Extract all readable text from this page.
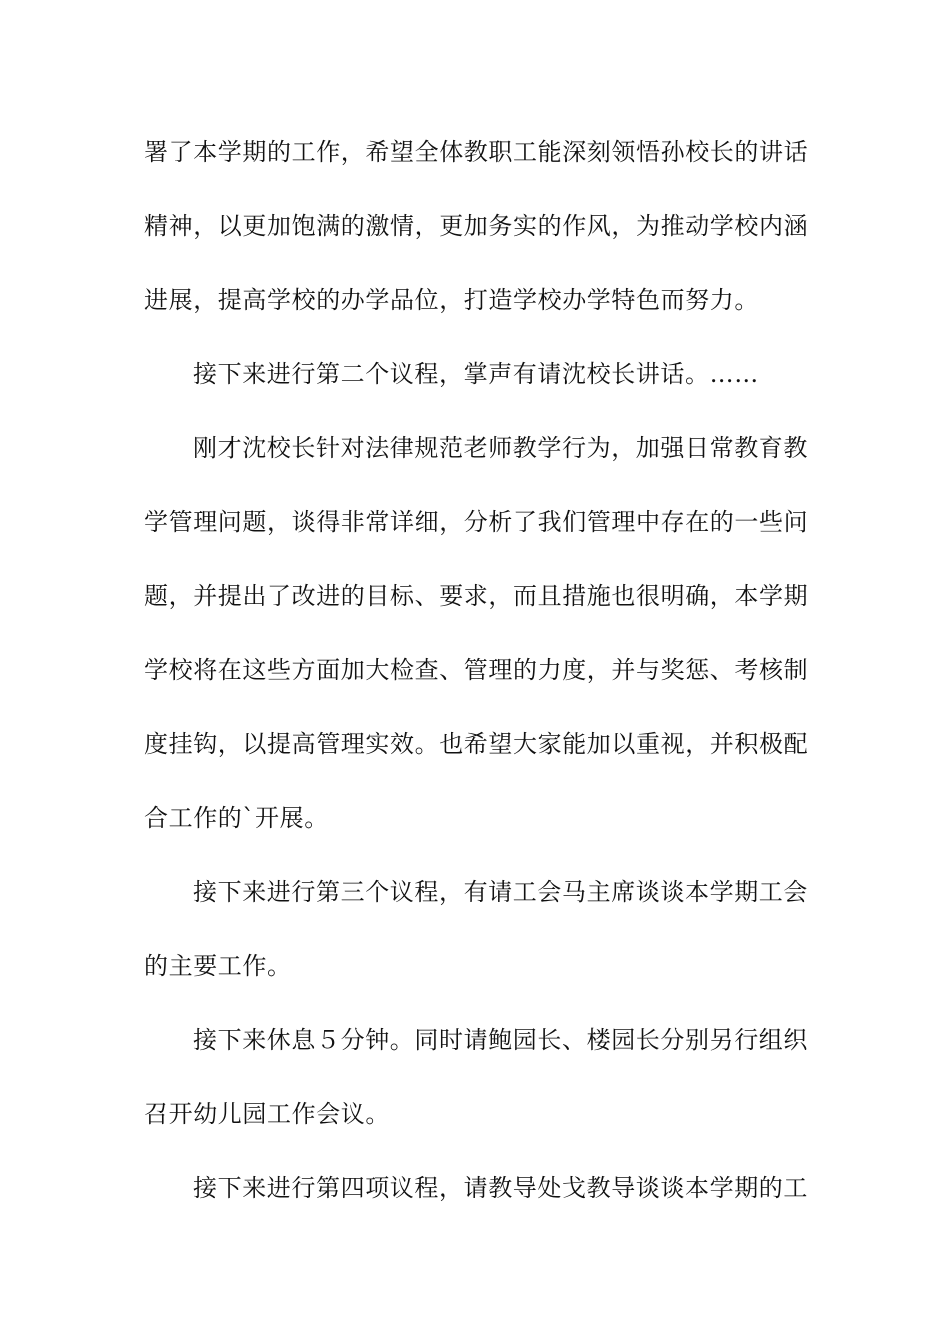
署了本学期的工作，希望全体教职工能深刻领悟孙校长的讲话
精神，以更加饱满的激情，更加务实的作风，为推动学校内涵
进展，提高学校的办学品位，打造学校办学特色而努力。
接下来进行第二个议程，掌声有请沈校长讲话。……
刚才沈校长针对法律规范老师教学行为，加强日常教育教
学管理问题，谈得非常详细，分析了我们管理中存在的一些问
题，并提出了改进的目标、要求，而且措施也很明确，本学期
学校将在这些方面加大检查、管理的力度，并与奖惩、考核制
度挂钩，以提高管理实效。也希望大家能加以重视，并积极配
合工作的`开展。
接下来进行第三个议程，有请工会马主席谈谈本学期工会
的主要工作。
接下来休息５分钟。同时请鲍园长、楼园长分别另行组织
召开幼儿园工作会议。
接下来进行第四项议程，请教导处戈教导谈谈本学期的工
